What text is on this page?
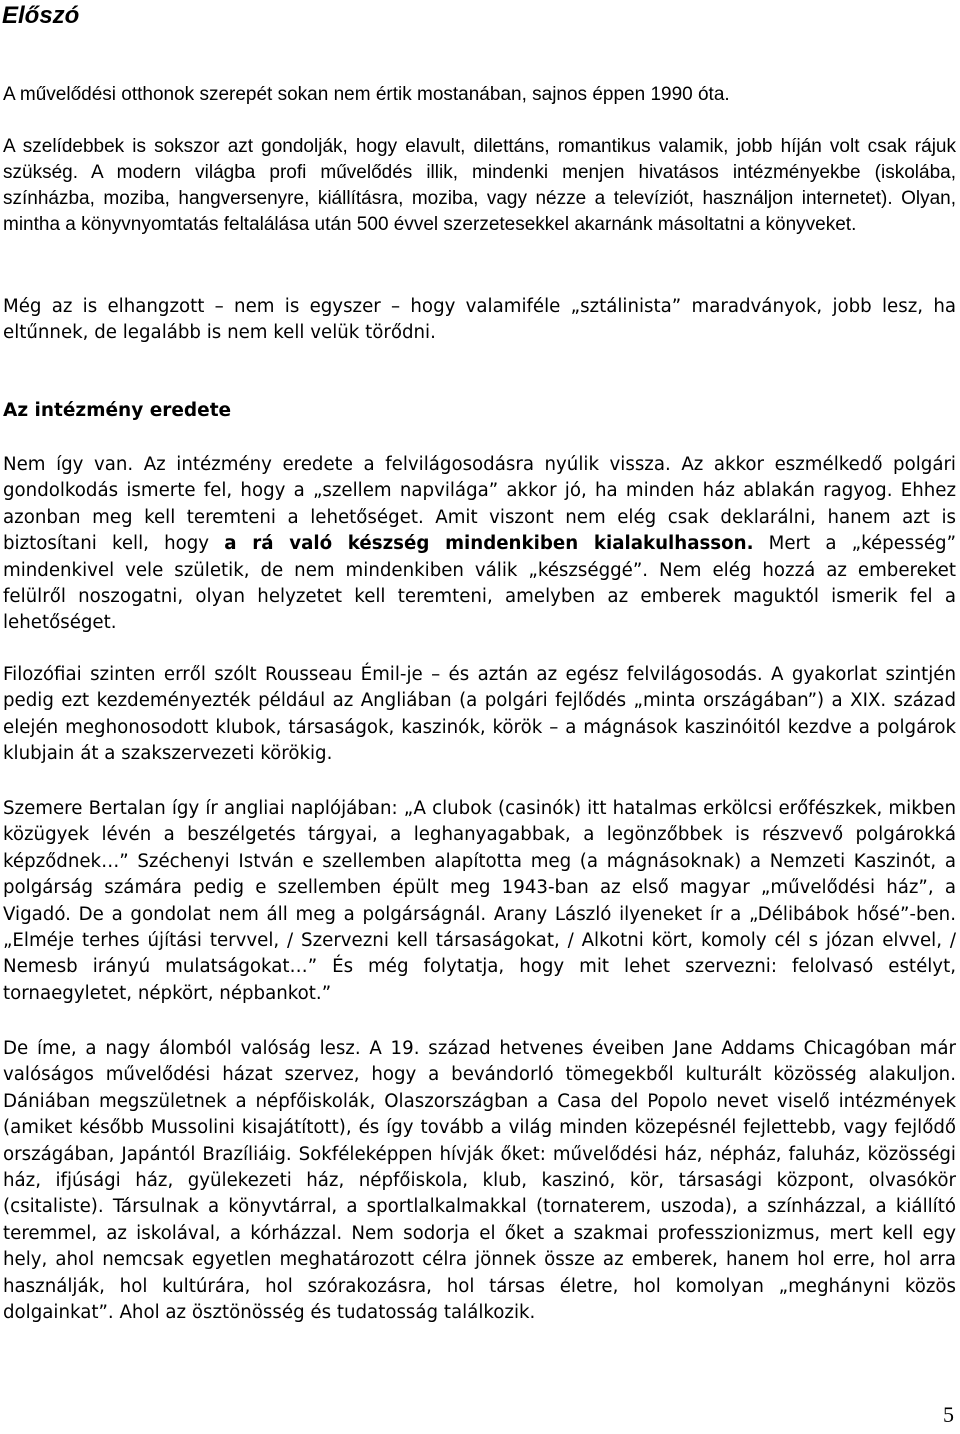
Előszó

A művelődési otthonok szerepét sokan nem értik mostanában, sajnos éppen 1990 óta.

A szelídebbek is sokszor azt gondolják, hogy elavult, dilettáns, romantikus valamik, jobb híján volt csak rájuk szükség. A modern világba profi művelődés illik, mindenki menjen hivatásos intézményekbe (iskolába, színházba, moziba, hangversenyre, kiállításra, moziba, vagy nézze a televíziót, használjon internetet). Olyan, mintha a könyvnyomtatás feltalálása után 500 évvel szerzetesekkel akarnánk másoltatni a könyveket.

Még az is elhangzott – nem is egyszer – hogy valamiféle „sztálinista” maradványok, jobb lesz, ha eltűnnek, de legalább is nem kell velük törődni.

Az intézmény eredete

Nem így van. Az intézmény eredete a felvilágosodásra nyúlik vissza. Az akkor eszmélkedő polgári gondolkodás ismerte fel, hogy a „szellem napvilága” akkor jó, ha minden ház ablakán ragyog. Ehhez azonban meg kell teremteni a lehetőséget. Amit viszont nem elég csak deklarálni, hanem azt is biztosítani kell, hogy a rá való készség mindenkiben kialakulhasson. Mert a „képesség” mindenkivel vele születik, de nem mindenkiben válik „készséggé”. Nem elég hozzá az embereket felülről noszogatni, olyan helyzetet kell teremteni, amelyben az emberek maguktól ismerik fel a lehetőséget.

Filozófiai szinten erről szólt Rousseau Émil-je – és aztán az egész felvilágosodás. A gyakorlat szintjén pedig ezt kezdeményezték például az Angliában (a polgári fejlődés „minta országában”) a XIX. század elején meghonosodott klubok, társaságok, kaszinók, körök – a mágnások kaszinóitól kezdve a polgárok klubjain át a szakszervezeti körökig.

Szemere Bertalan így ír angliai naplójában: „A clubok (casinók) itt hatalmas erkölcsi erőfészkek, mikben közügyek lévén a beszélgetés tárgyai, a leghanyagabbak, a legönzőbbek is részvevő polgárokká képződnek…” Széchenyi István e szellemben alapította meg (a mágnásoknak) a Nemzeti Kaszinót, a polgárság számára pedig e szellemben épült meg 1943-ban az első magyar „művelődési ház”, a Vigadó. De a gondolat nem áll meg a polgárságnál. Arany László ilyeneket ír a „Délibábok hősé”-ben. „Elméje terhes újítási tervvel, / Szervezni kell társaságokat, / Alkotni kört, komoly cél s józan elvvel, / Nemesb irányú mulatságokat…” És még folytatja, hogy mit lehet szervezni: felolvasó estélyt, tornaegyletet, népkört, népbankot.”

De íme, a nagy álomból valóság lesz. A 19. század hetvenes éveiben Jane Addams Chicagóban már valóságos művelődési házat szervez, hogy a bevándorló tömegekből kulturált közösség alakuljon. Dániában megszületnek a népfőiskolák, Olaszországban a Casa del Popolo nevet viselő intézmények (amiket később Mussolini kisajátított), és így tovább a világ minden közepésnél fejlettebb, vagy fejlődő országában, Japántól Brazíliáig. Sokféleképpen hívják őket: művelődési ház, népház, faluház, közösségi ház, ifjúsági ház, gyülekezeti ház, népfőiskola, klub, kaszinó, kör, társasági központ, olvasókör (csitaliste). Társulnak a könyvtárral, a sportlalkalmakkal (tornaterem, uszoda), a színházzal, a kiállító teremmel, az iskolával, a kórházzal. Nem sodorja el őket a szakmai professzionizmus, mert kell egy hely, ahol nemcsak egyetlen meghatározott célra jönnek össze az emberek, hanem hol erre, hol arra használják, hol kultúrára, hol szórakozásra, hol társas életre, hol komolyan „meghányni közös dolgainkat”. Ahol az ösztönösség és tudatosság találkozik.

5
